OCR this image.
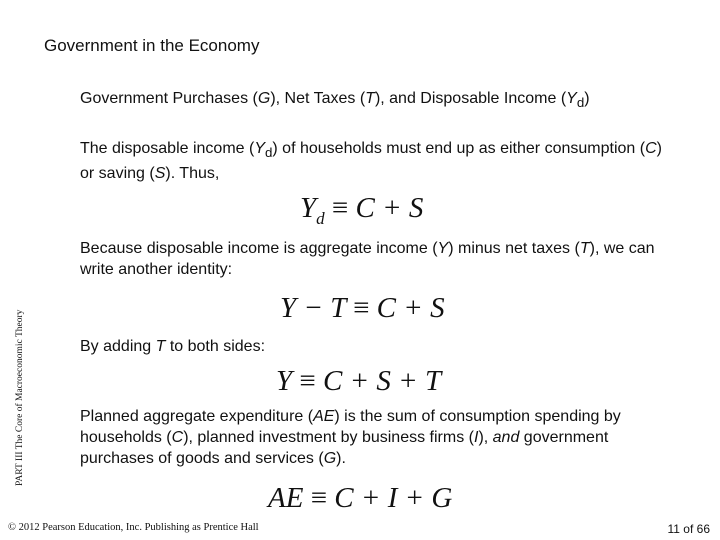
Government in the Economy
Government Purchases (G), Net Taxes (T), and Disposable Income $(Y_d)$
The disposable income $(Y_d)$ of households must end up as either consumption (C) or saving (S). Thus,
$Y_d \equiv C + S$
Because disposable income is aggregate income (Y) minus net taxes (T), we can write another identity:
Y − T ≡ C + S
By adding T to both sides:
Y ≡ C + S + T
Planned aggregate expenditure (AE) is the sum of consumption spending by households (C), planned investment by business firms (I), and government purchases of goods and services (G).
AE ≡ C + I + G
PART III The Core of Macroeconomic Theory
© 2012 Pearson Education, Inc. Publishing as Prentice Hall	11 of 66
